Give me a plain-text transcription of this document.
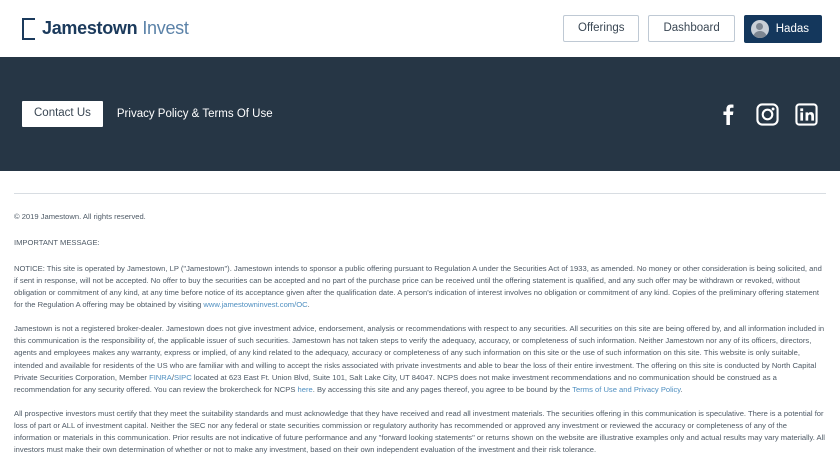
Jamestown Invest	Offerings	Dashboard	Hadas
Contact Us	Privacy Policy & Terms Of Use

© 2019 Jamestown. All rights reserved.

IMPORTANT MESSAGE:

NOTICE: This site is operated by Jamestown, LP ("Jamestown"). Jamestown intends to sponsor a public offering pursuant to Regulation A under the Securities Act of 1933, as amended. No money or other consideration is being solicited, and if sent in response, will not be accepted. No offer to buy the securities can be accepted and no part of the purchase price can be received until the offering statement is qualified, and any such offer may be withdrawn or revoked, without obligation or commitment of any kind, at any time before notice of its acceptance given after the qualification date. A person's indication of interest involves no obligation or commitment of any kind. Copies of the preliminary offering statement for the Regulation A offering may be obtained by visiting www.jamestowninvest.com/OC.

Jamestown is not a registered broker-dealer. Jamestown does not give investment advice, endorsement, analysis or recommendations with respect to any securities. All securities on this site are being offered by, and all information included in this communication is the responsibility of, the applicable issuer of such securities. Jamestown has not taken steps to verify the adequacy, accuracy, or completeness of such information. Neither Jamestown nor any of its officers, directors, agents and employees makes any warranty, express or implied, of any kind related to the adequacy, accuracy or completeness of any such information on this site or the use of such information on this site. This website is only suitable, intended and available for residents of the US who are familiar with and willing to accept the risks associated with private investments and able to bear the loss of their entire investment. The offering on this site is conducted by North Capital Private Securities Corporation, Member FINRA/SIPC located at 623 East Ft. Union Blvd, Suite 101, Salt Lake City, UT 84047. NCPS does not make investment recommendations and no communication should be construed as a recommendation for any security offered. You can review the brokercheck for NCPS here. By accessing this site and any pages thereof, you agree to be bound by the Terms of Use and Privacy Policy.

All prospective investors must certify that they meet the suitability standards and must acknowledge that they have received and read all investment materials. The securities offering in this communication is speculative. There is a potential for loss of part or ALL of investment capital. Neither the SEC nor any federal or state securities commission or regulatory authority has recommended or approved any investment or reviewed the accuracy or completeness of any of the information or materials in this communication. Prior results are not indicative of future performance and any "forward looking statements" or returns shown on the website are illustrative examples only and actual results may vary materially. All investors must make their own determination of whether or not to make any investment, based on their own independent evaluation of the investment and their risk tolerance.
